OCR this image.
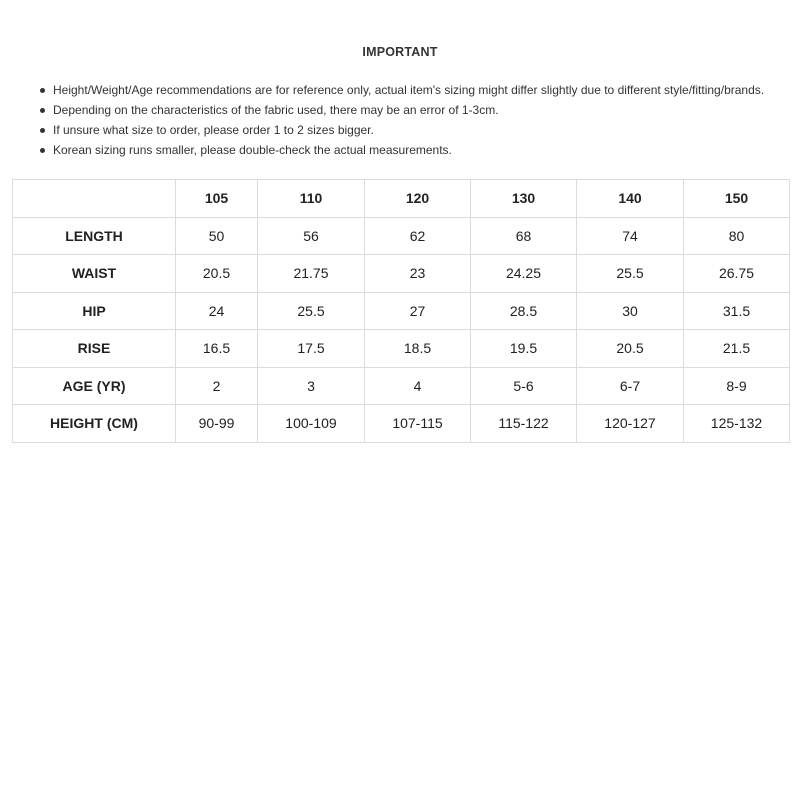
IMPORTANT
Height/Weight/Age recommendations are for reference only, actual item's sizing might differ slightly due to different style/fitting/brands.
Depending on the characteristics of the fabric used, there may be an error of 1-3cm.
If unsure what size to order, please order 1 to 2 sizes bigger.
Korean sizing runs smaller, please double-check the actual measurements.
	105	110	120	130	140	150
LENGTH	50	56	62	68	74	80
WAIST	20.5	21.75	23	24.25	25.5	26.75
HIP	24	25.5	27	28.5	30	31.5
RISE	16.5	17.5	18.5	19.5	20.5	21.5
AGE (YR)	2	3	4	5-6	6-7	8-9
HEIGHT (CM)	90-99	100-109	107-115	115-122	120-127	125-132
